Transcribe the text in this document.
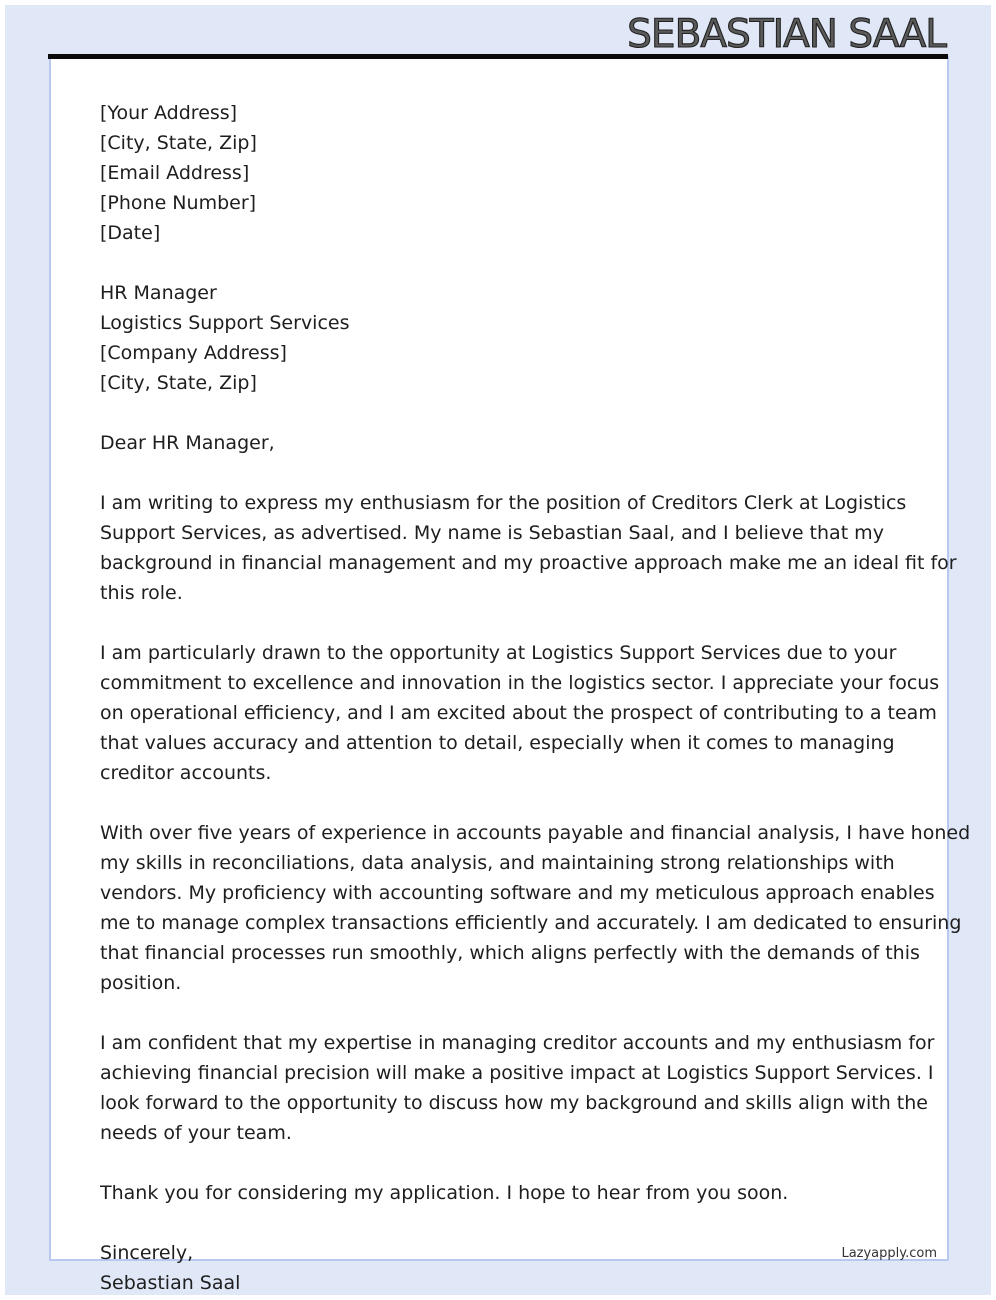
SEBASTIAN SAAL
[Your Address]
[City, State, Zip]
[Email Address]
[Phone Number]
[Date]
HR Manager
Logistics Support Services
[Company Address]
[City, State, Zip]
Dear HR Manager,
I am writing to express my enthusiasm for the position of Creditors Clerk at Logistics
Support Services, as advertised. My name is Sebastian Saal, and I believe that my
background in financial management and my proactive approach make me an ideal fit for
this role.
I am particularly drawn to the opportunity at Logistics Support Services due to your
commitment to excellence and innovation in the logistics sector. I appreciate your focus
on operational efficiency, and I am excited about the prospect of contributing to a team
that values accuracy and attention to detail, especially when it comes to managing
creditor accounts.
With over five years of experience in accounts payable and financial analysis, I have honed
my skills in reconciliations, data analysis, and maintaining strong relationships with
vendors. My proficiency with accounting software and my meticulous approach enables
me to manage complex transactions efficiently and accurately. I am dedicated to ensuring
that financial processes run smoothly, which aligns perfectly with the demands of this
position.
I am confident that my expertise in managing creditor accounts and my enthusiasm for
achieving financial precision will make a positive impact at Logistics Support Services. I
look forward to the opportunity to discuss how my background and skills align with the
needs of your team.
Thank you for considering my application. I hope to hear from you soon.
Sincerely,
Sebastian Saal
Lazyapply.com
